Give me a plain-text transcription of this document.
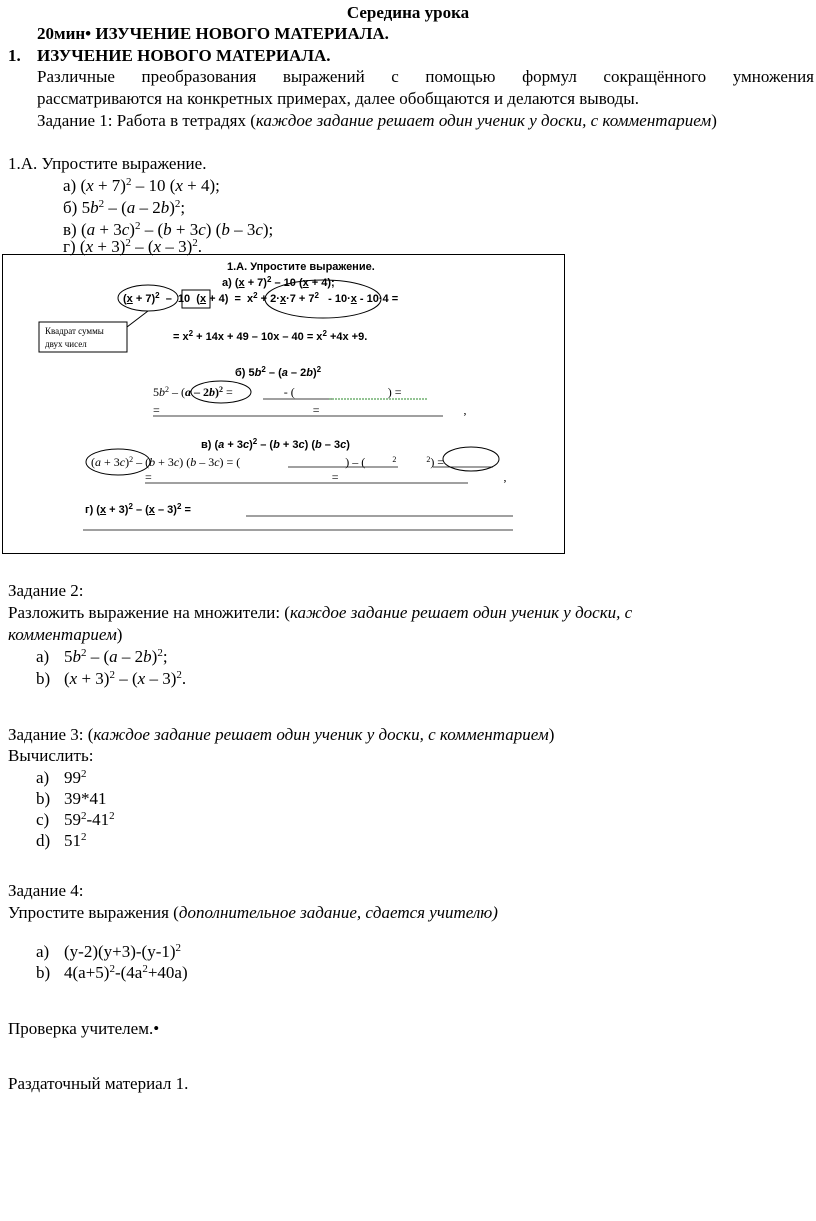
Середина урока
20мин• ИЗУЧЕНИЕ НОВОГО МАТЕРИАЛА.
1. ИЗУЧЕНИЕ НОВОГО МАТЕРИАЛА.
Различные преобразования выражений с помощью формул сокращённого умножения
рассматриваются на конкретных примерах, далее обобщаются и делаются выводы.
Задание 1: Работа в тетрадях (каждое задание решает один ученик у доски, с комментарием)
1.А. Упростите выражение.
а) $(x + 7)^2 - 10$ (x + 4);
б) $5b^2 - (a - 2b)^2$;
в) $(a + 3c)^2 - (b + 3c)$ (b – 3c);
г) $(x + 3)^2 - (x - 3)^2$.
1.А. Упростите выражение.
а) $(x + 7)^2 - 10$ (x + 4);
$(x + 7)^2 - 10$  $(x + 4) = x^2 + 2\cdot x\cdot 7 + 7^2 - 10\cdot x - 10\cdot 4$ =
= $x^2 + 14x + 49 - 10x - 40 = x^2 +4x +9$.
Квадрат суммы
двух чисел
б) $5b^2 - (a - 2b)^2$
$5b^2 - (a - 2b)^2$ =                 - (                               ) =
=                                                   =                                                ,
в) $(a + 3c)^2 - (b + 3c)$ (b – 3c)
$(a + 3c)^2 - (b + 3c)$ (b – 3c) = (                                   ) – (         $^2$	$^2$) =
=                                                            =                                                       ,
г) $(x + 3)^2 - (x - 3)^2$ =
Задание 2:
Разложить выражение на множители: (каждое задание решает один ученик у доски, с
комментарием)
a) $5b^2 - (a - 2b)^2$;
b) $(x + 3)^2 - (x - 3)^2$.
Задание 3: (каждое задание решает один ученик у доски, с комментарием)
Вычислить:
a) $99^2$
b) 39*41
c) $59^2-41^2$
d) $51^2$
Задание 4:
Упростите выражения (дополнительное задание, сдается учителю)
a) $(y-2)(y+3)-(y-1)^2$
b) $4(a+5)^2-(4a^2+40a)$
Проверка учителем.•
Раздаточный материал 1.
